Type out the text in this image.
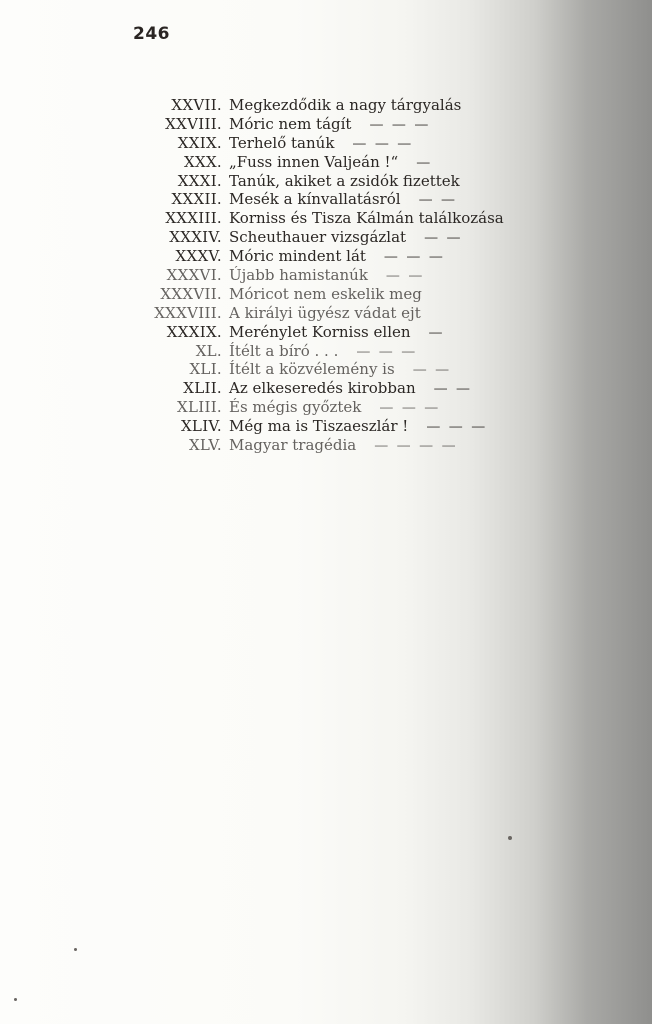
246
XXVII. Megkezdődik a nagy tárgyalás
XXVIII. Móric nem tágít — — —
XXIX. Terhelő tanúk — — —
XXX. „Fuss innen Valjeán !“ —
XXXI. Tanúk, akiket a zsidók fizettek
XXXII. Mesék a kínvallatásról — —
XXXIII. Korniss és Tisza Kálmán találkozása
XXXIV. Scheuthauer vizsgázlat — —
XXXV. Móric mindent lát — — —
XXXVI. Újabb hamistanúk — —
XXXVII. Móricot nem eskelik meg
XXXVIII. A királyi ügyész vádat ejt
XXXIX. Merénylet Korniss ellen —
XL. Ítélt a bíró . . . — — —
XLI. Ítélt a közvélemény is — —
XLII. Az elkeseredés kirobban — —
XLIII. És mégis győztek — — —
XLIV. Még ma is Tiszaeszlár ! — — —
XLV. Magyar tragédia — — — —
